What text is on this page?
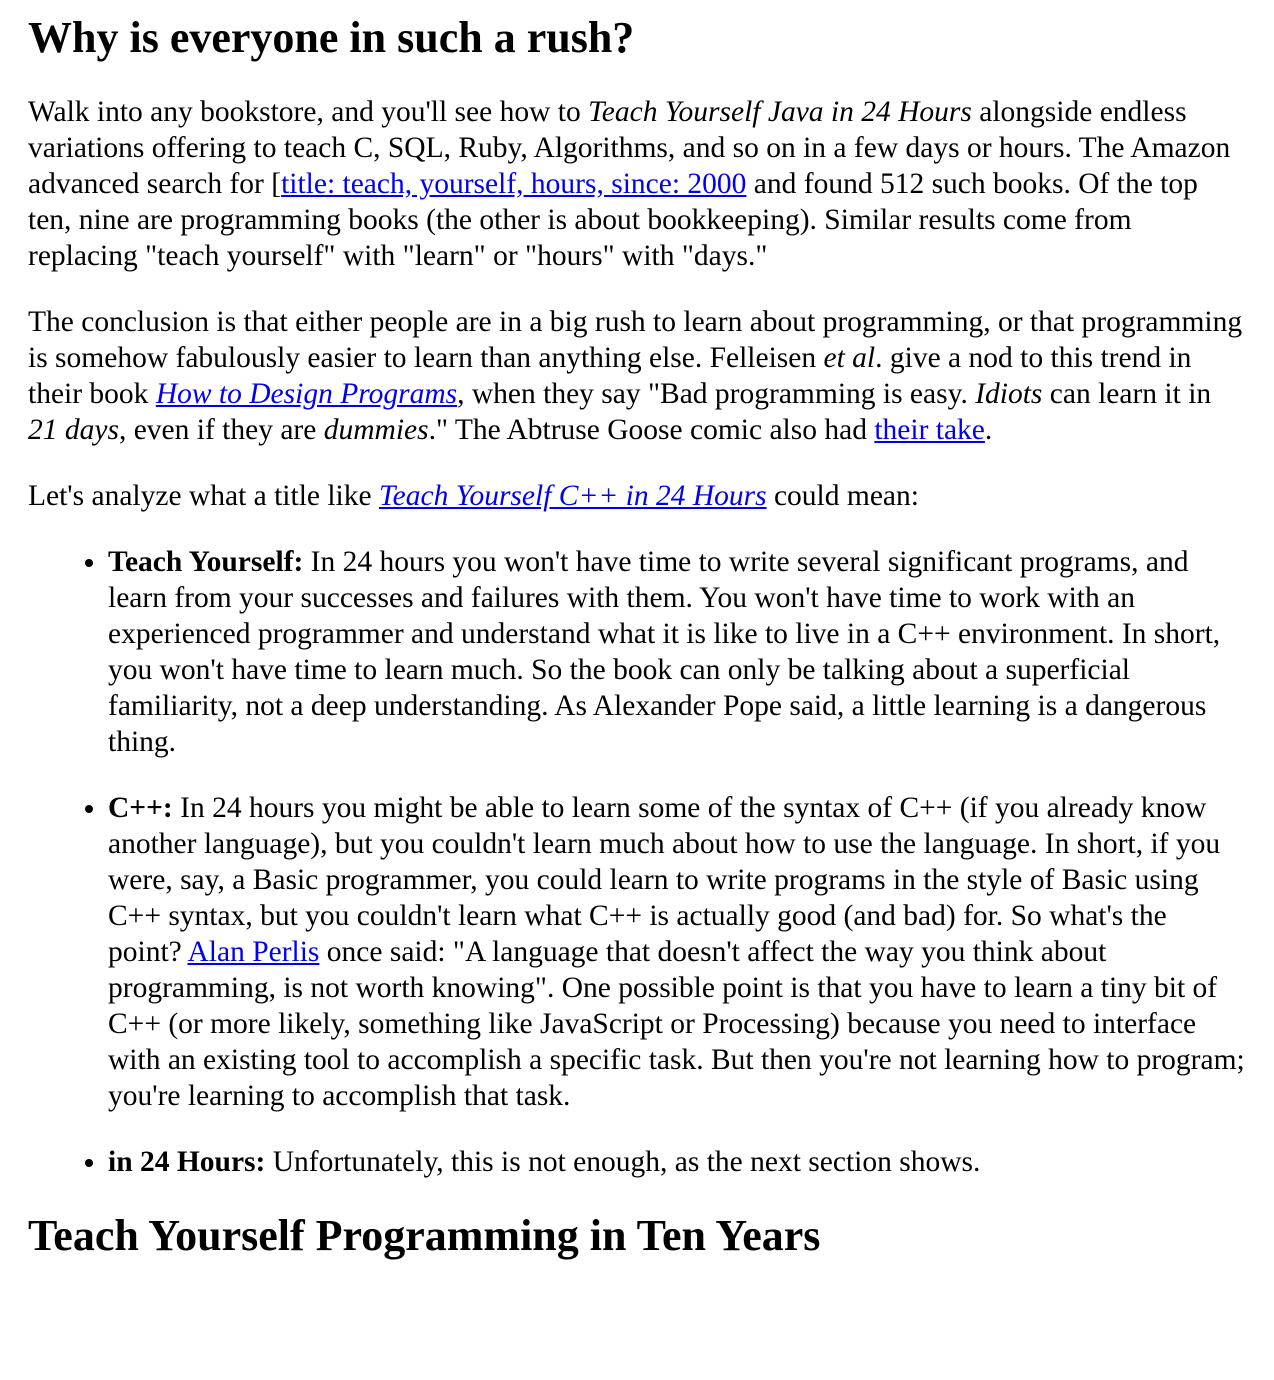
Why is everyone in such a rush?

Walk into any bookstore, and you'll see how to Teach Yourself Java in 24 Hours alongside endless variations offering to teach C, SQL, Ruby, Algorithms, and so on in a few days or hours. The Amazon advanced search for [title: teach, yourself, hours, since: 2000 and found 512 such books. Of the top ten, nine are programming books (the other is about bookkeeping). Similar results come from replacing "teach yourself" with "learn" or "hours" with "days."

The conclusion is that either people are in a big rush to learn about programming, or that programming is somehow fabulously easier to learn than anything else. Felleisen et al. give a nod to this trend in their book How to Design Programs, when they say "Bad programming is easy. Idiots can learn it in 21 days, even if they are dummies." The Abtruse Goose comic also had their take.

Let's analyze what a title like Teach Yourself C++ in 24 Hours could mean:

• Teach Yourself: In 24 hours you won't have time to write several significant programs, and learn from your successes and failures with them. You won't have time to work with an experienced programmer and understand what it is like to live in a C++ environment. In short, you won't have time to learn much. So the book can only be talking about a superficial familiarity, not a deep understanding. As Alexander Pope said, a little learning is a dangerous thing.
• C++: In 24 hours you might be able to learn some of the syntax of C++ (if you already know another language), but you couldn't learn much about how to use the language. In short, if you were, say, a Basic programmer, you could learn to write programs in the style of Basic using C++ syntax, but you couldn't learn what C++ is actually good (and bad) for. So what's the point? Alan Perlis once said: "A language that doesn't affect the way you think about programming, is not worth knowing". One possible point is that you have to learn a tiny bit of C++ (or more likely, something like JavaScript or Processing) because you need to interface with an existing tool to accomplish a specific task. But then you're not learning how to program; you're learning to accomplish that task.
• in 24 Hours: Unfortunately, this is not enough, as the next section shows.
Teach Yourself Programming in Ten Years
